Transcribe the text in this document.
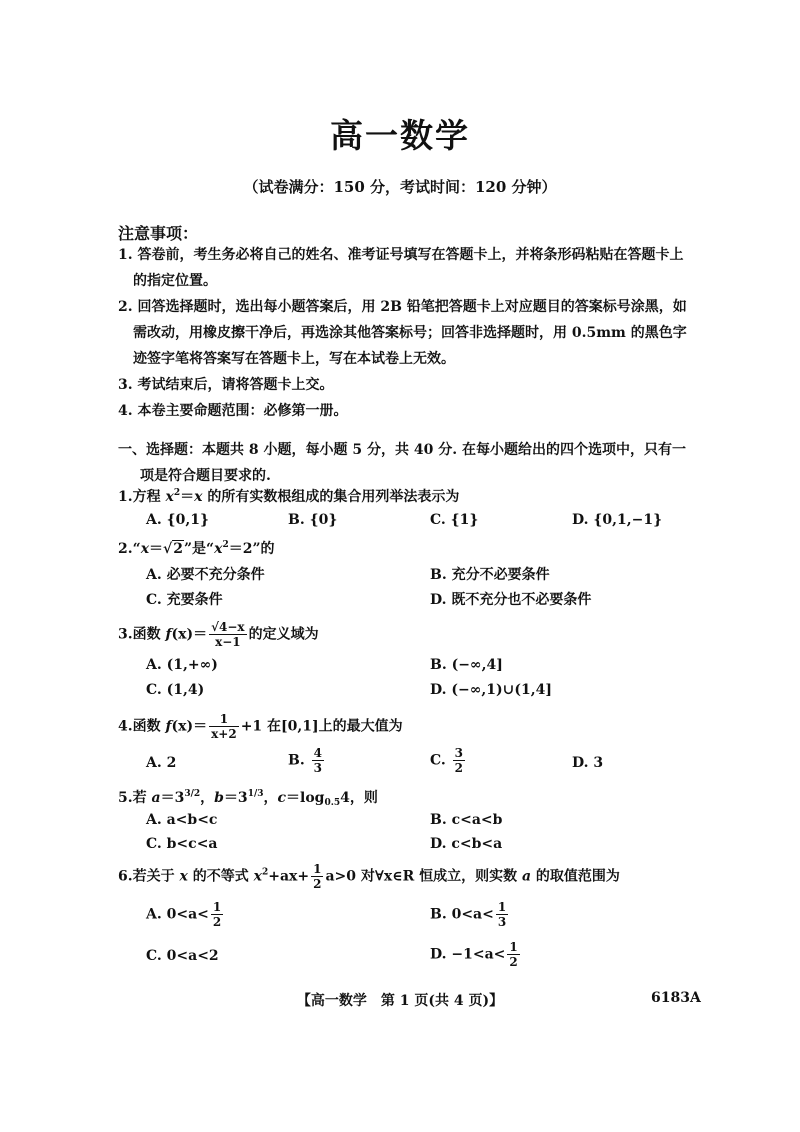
高一数学
（试卷满分：150 分，考试时间：120 分钟）
注意事项：
1. 答卷前，考生务必将自己的姓名、准考证号填写在答题卡上，并将条形码粘贴在答题卡上的指定位置。
2. 回答选择题时，选出每小题答案后，用 2B 铅笔把答题卡上对应题目的答案标号涂黑，如需改动，用橡皮擦干净后，再选涂其他答案标号；回答非选择题时，用 0.5mm 的黑色字迹签字笔将答案写在答题卡上，写在本试卷上无效。
3. 考试结束后，请将答题卡上交。
4. 本卷主要命题范围：必修第一册。
一、选择题：本题共 8 小题，每小题 5 分，共 40 分. 在每小题给出的四个选项中，只有一项是符合题目要求的.
1.方程 $x^2=x$ 的所有实数根组成的集合用列举法表示为
A. {0,1}	B. {0}	C. {1}	D. {0,1,−1}
2.“x＝√2”是“$x^2=2$”的
A. 必要不充分条件	B. 充分不必要条件
C. 充要条件	D. 既不充分也不必要条件
3.函数 $f(x)= \frac{√4-x}{x-1}$ 的定义域为
A. (1,+∞)	B. (−∞,4]
C. (1,4)	D. (−∞,1)∪(1,4]
4.函数 $f(x)= \frac{1}{x+2} +1$ 在[0,1]上的最大值为
A. 2	B. $\frac{4}{3}$	C. $\frac{3}{2}$	D. 3
5.若 $a=3^{3/2}$，$b=3^{1/3}$，$c=\log_{0.5}4$，则
A. a<b<c	B. c<a<b
C. b<c<a	D. c<b<a
6.若关于 x 的不等式 $x^2+ax+ \frac{1}{2} a>0$ 对∀x∈R 恒成立，则实数 a 的取值范围为
A. $0<a< \frac{1}{2}$	B. $0<a< \frac{1}{3}$
C. 0<a<2	D. $-1<a< \frac{1}{2}$
【高一数学　第 1 页(共 4 页)】	6183A
